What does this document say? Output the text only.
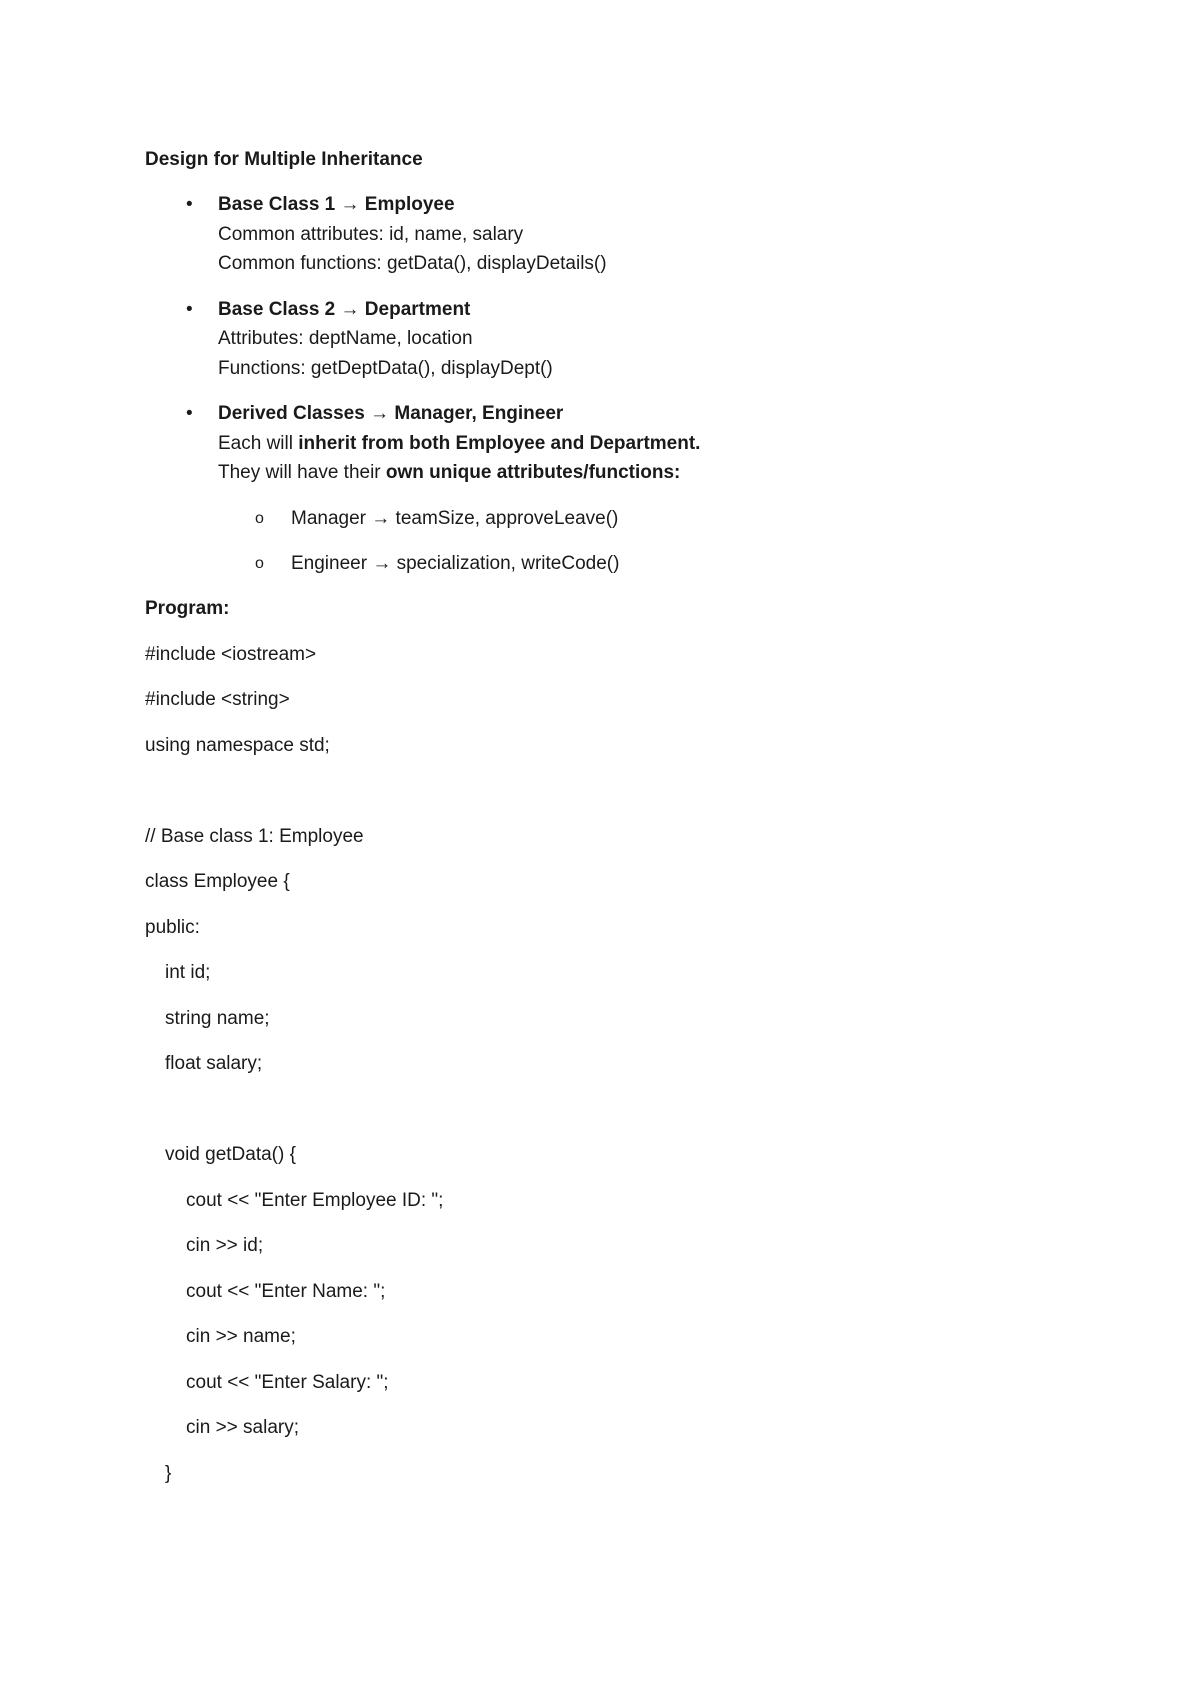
Design for Multiple Inheritance
• Base Class 1 → Employee
Common attributes: id, name, salary
Common functions: getData(), displayDetails()
• Base Class 2 → Department
Attributes: deptName, location
Functions: getDeptData(), displayDept()
• Derived Classes → Manager, Engineer
Each will inherit from both Employee and Department.
They will have their own unique attributes/functions:
o Manager → teamSize, approveLeave()
o Engineer → specialization, writeCode()
Program:
#include <iostream>
#include <string>
using namespace std;
// Base class 1: Employee
class Employee {
public:
int id;
string name;
float salary;
void getData() {
cout << "Enter Employee ID: ";
cin >> id;
cout << "Enter Name: ";
cin >> name;
cout << "Enter Salary: ";
cin >> salary;
}
